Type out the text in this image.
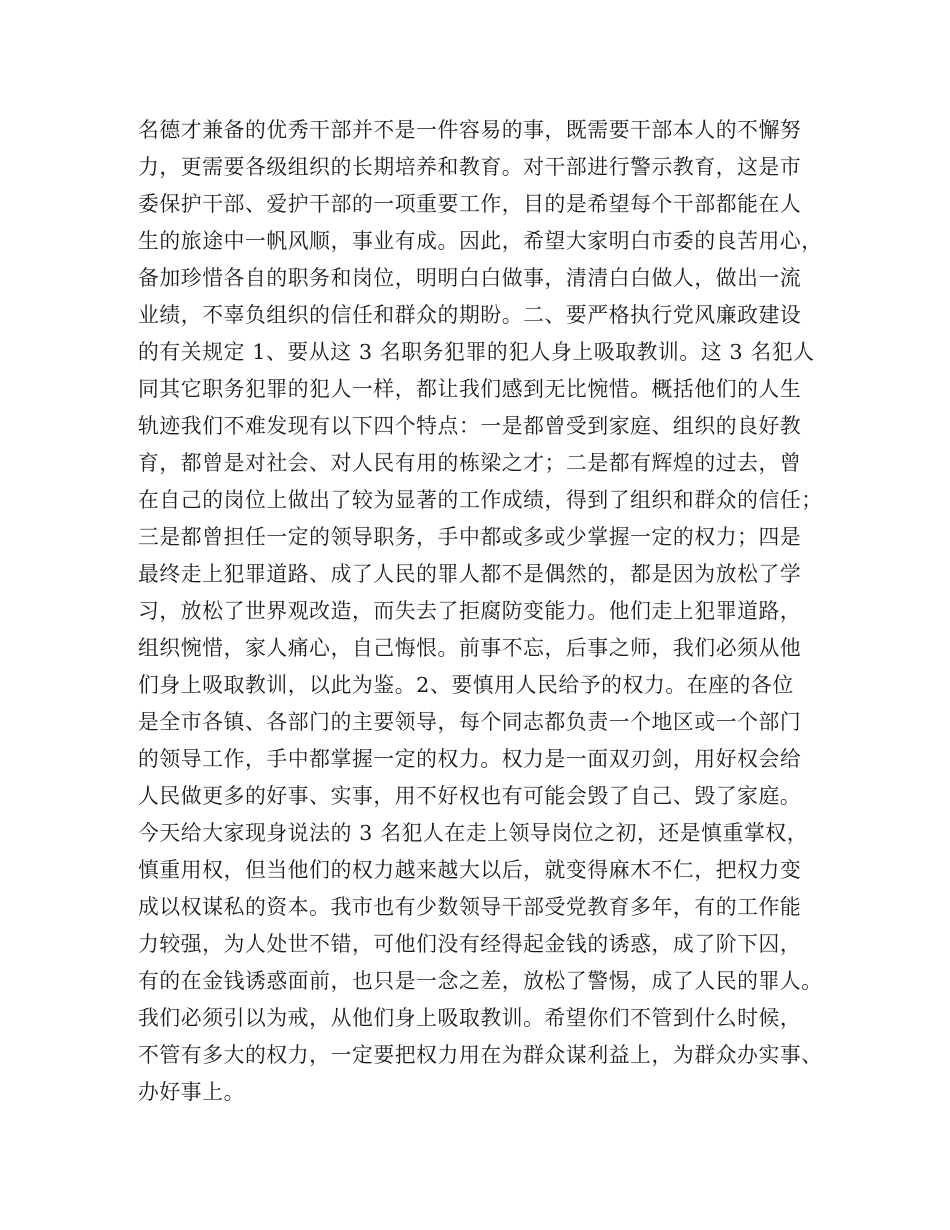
名德才兼备的优秀干部并不是一件容易的事，既需要干部本人的不懈努
力，更需要各级组织的长期培养和教育。对干部进行警示教育，这是市
委保护干部、爱护干部的一项重要工作，目的是希望每个干部都能在人
生的旅途中一帆风顺，事业有成。因此，希望大家明白市委的良苦用心，
备加珍惜各自的职务和岗位，明明白白做事，清清白白做人，做出一流
业绩，不辜负组织的信任和群众的期盼。二、要严格执行党风廉政建设
的有关规定 1、要从这 3 名职务犯罪的犯人身上吸取教训。这 3 名犯人
同其它职务犯罪的犯人一样，都让我们感到无比惋惜。概括他们的人生
轨迹我们不难发现有以下四个特点：一是都曾受到家庭、组织的良好教
育，都曾是对社会、对人民有用的栋梁之才；二是都有辉煌的过去，曾
在自己的岗位上做出了较为显著的工作成绩，得到了组织和群众的信任；
三是都曾担任一定的领导职务，手中都或多或少掌握一定的权力；四是
最终走上犯罪道路、成了人民的罪人都不是偶然的，都是因为放松了学
习，放松了世界观改造，而失去了拒腐防变能力。他们走上犯罪道路，
组织惋惜，家人痛心，自己悔恨。前事不忘，后事之师，我们必须从他
们身上吸取教训，以此为鉴。2、要慎用人民给予的权力。在座的各位
是全市各镇、各部门的主要领导，每个同志都负责一个地区或一个部门
的领导工作，手中都掌握一定的权力。权力是一面双刃剑，用好权会给
人民做更多的好事、实事，用不好权也有可能会毁了自己、毁了家庭。
今天给大家现身说法的 3 名犯人在走上领导岗位之初，还是慎重掌权，
慎重用权，但当他们的权力越来越大以后，就变得麻木不仁，把权力变
成以权谋私的资本。我市也有少数领导干部受党教育多年，有的工作能
力较强，为人处世不错，可他们没有经得起金钱的诱惑，成了阶下囚，
有的在金钱诱惑面前，也只是一念之差，放松了警惕，成了人民的罪人。
我们必须引以为戒，从他们身上吸取教训。希望你们不管到什么时候，
不管有多大的权力，一定要把权力用在为群众谋利益上，为群众办实事、
办好事上。
